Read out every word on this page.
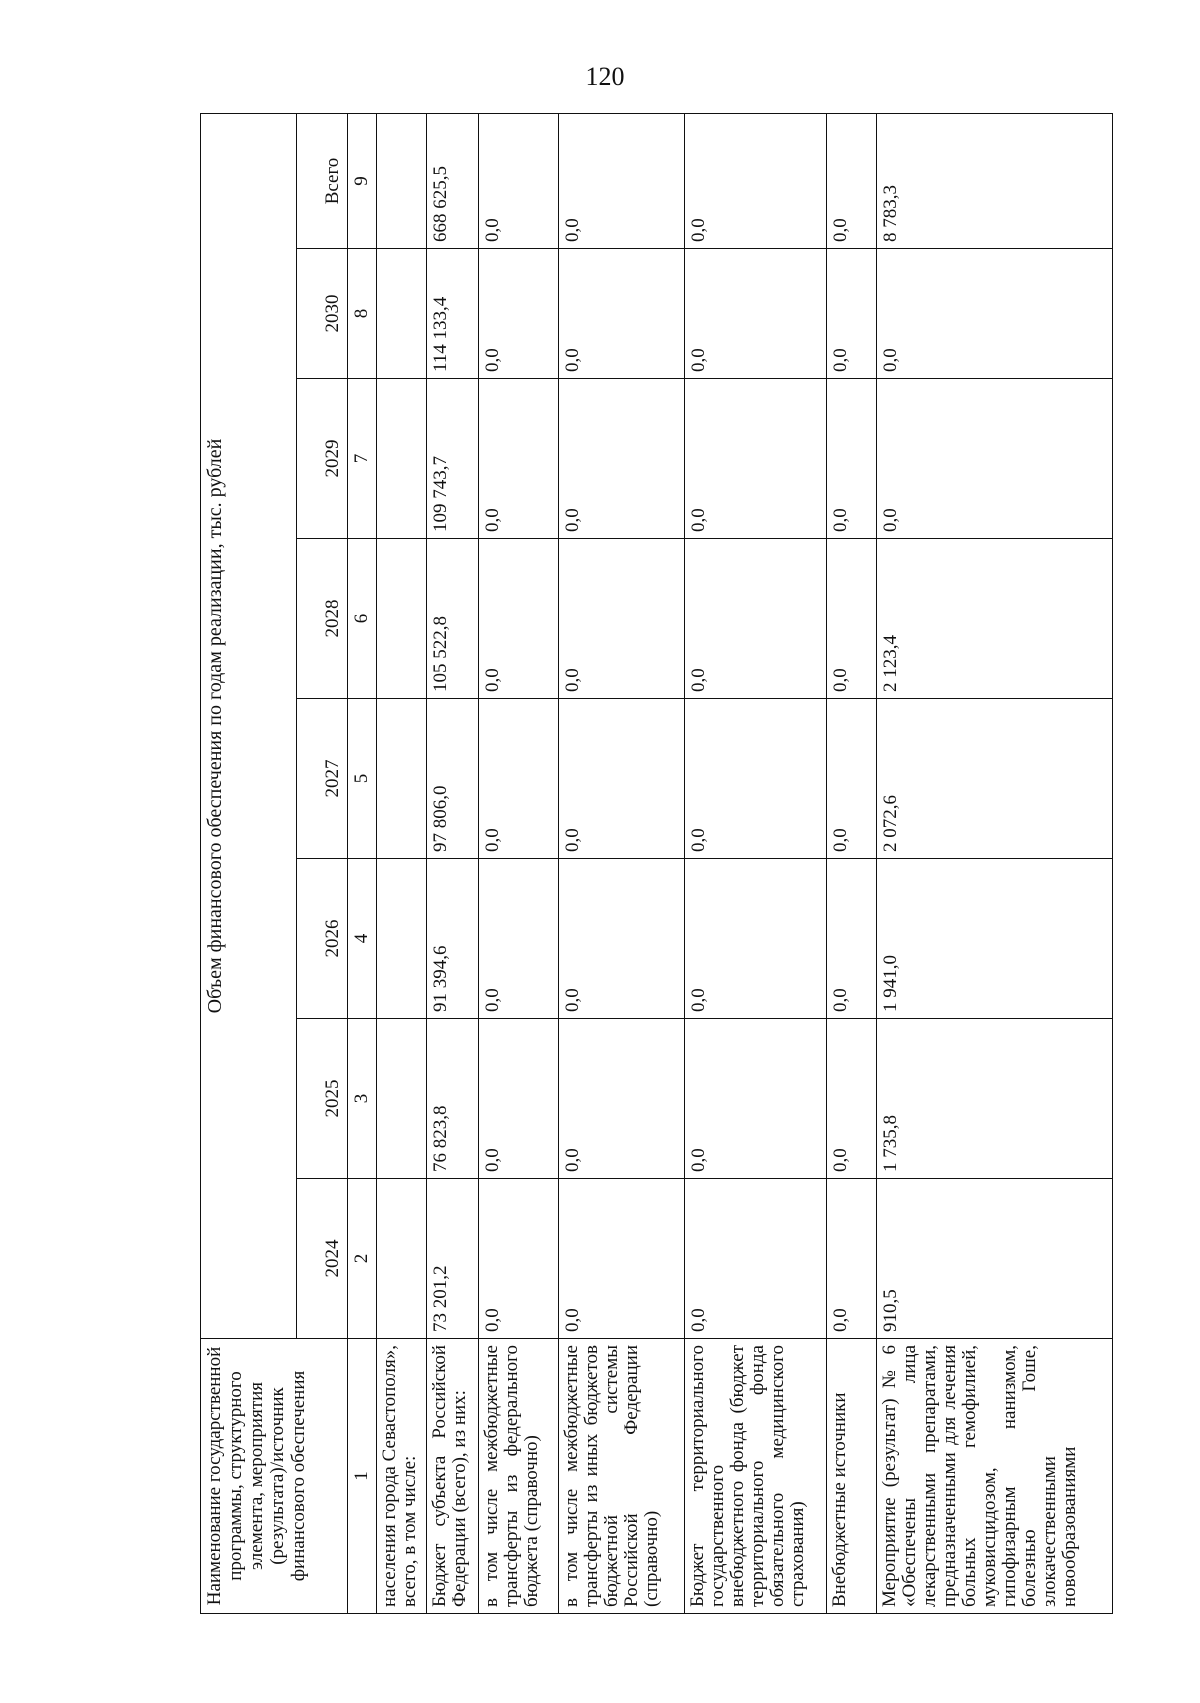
120
Наименование государственной программы, структурного элемента, мероприятия (результата)/источник финансового обеспечения	Объем финансового обеспечения по годам реализации, тыс. рублей							

	2024	2025	2026	2027	2028	2029	2030	Всего
1	2	3	4	5	6	7	8	9
населения города Севастополя», всего, в том числе:								
Бюджет субъекта Российской Федерации (всего), из них:	73 201,2	76 823,8	91 394,6	97 806,0	105 522,8	109 743,7	114 133,4	668 625,5
в том числе межбюджетные трансферты из федерального бюджета (справочно)	0,0	0,0	0,0	0,0	0,0	0,0	0,0	0,0
в том числе межбюджетные трансферты из иных бюджетов бюджетной системы Российской Федерации (справочно)	0,0	0,0	0,0	0,0	0,0	0,0	0,0	0,0
Бюджет территориального государственного внебюджетного фонда (бюджет территориального фонда обязательного медицинского страхования)	0,0	0,0	0,0	0,0	0,0	0,0	0,0	0,0
Внебюджетные источники	0,0	0,0	0,0	0,0	0,0	0,0	0,0	0,0
Мероприятие (результат) № 6 «Обеспечены лица лекарственными препаратами, предназначенными для лечения больных гемофилией, муковисцидозом, гипофизарным нанизмом, болезнью Гоше, злокачественными новообразованиями	910,5	1 735,8	1 941,0	2 072,6	2 123,4	0,0	0,0	8 783,3
